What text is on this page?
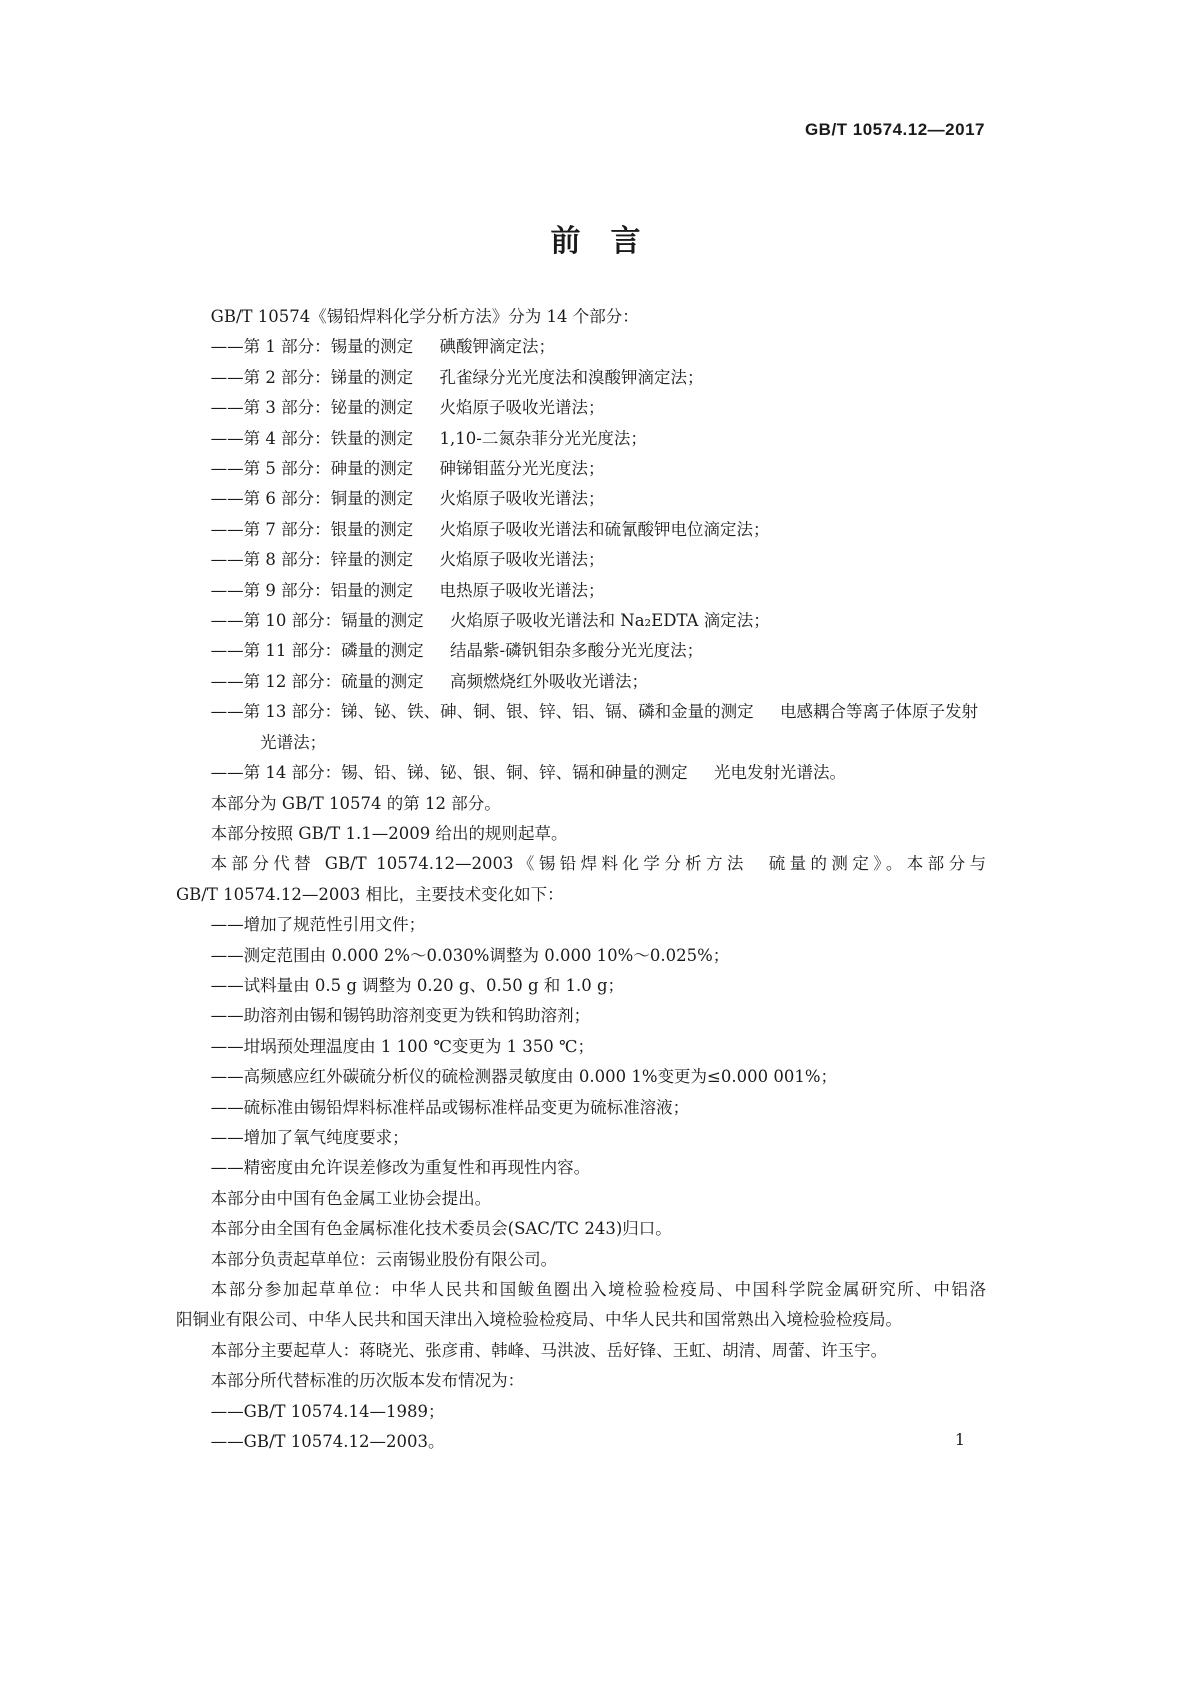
GB/T 10574.12—2017
前言

GB/T 10574《锡铅焊料化学分析方法》分为 14 个部分：

——第 1 部分：锡量的测定 碘酸钾滴定法；

——第 2 部分：锑量的测定 孔雀绿分光光度法和溴酸钾滴定法；

——第 3 部分：铋量的测定 火焰原子吸收光谱法；

——第 4 部分：铁量的测定 1,10-二氮杂菲分光光度法；

——第 5 部分：砷量的测定 砷锑钼蓝分光光度法；

——第 6 部分：铜量的测定 火焰原子吸收光谱法；

——第 7 部分：银量的测定 火焰原子吸收光谱法和硫氰酸钾电位滴定法；

——第 8 部分：锌量的测定 火焰原子吸收光谱法；

——第 9 部分：铝量的测定 电热原子吸收光谱法；

——第 10 部分：镉量的测定 火焰原子吸收光谱法和 Na₂EDTA 滴定法；

——第 11 部分：磷量的测定 结晶紫-磷钒钼杂多酸分光光度法；

——第 12 部分：硫量的测定 高频燃烧红外吸收光谱法；

——第 13 部分：锑、铋、铁、砷、铜、银、锌、铝、镉、磷和金量的测定 电感耦合等离子体原子发射光谱法；

——第 14 部分：锡、铅、锑、铋、银、铜、锌、镉和砷量的测定 光电发射光谱法。

本部分为 GB/T 10574 的第 12 部分。

本部分按照 GB/T 1.1—2009 给出的规则起草。

本部分代替 GB/T 10574.12—2003《锡铅焊料化学分析方法　硫量的测定》。本部分与

GB/T 10574.12—2003 相比，主要技术变化如下：

——增加了规范性引用文件；

——测定范围由 0.000 2%～0.030%调整为 0.000 10%～0.025%；

——试料量由 0.5 g 调整为 0.20 g、0.50 g 和 1.0 g；

——助溶剂由锡和锡钨助溶剂变更为铁和钨助溶剂；

——坩埚预处理温度由 1 100 ℃变更为 1 350 ℃；

——高频感应红外碳硫分析仪的硫检测器灵敏度由 0.000 1%变更为≤0.000 001%；

——硫标准由锡铅焊料标准样品或锡标准样品变更为硫标准溶液；

——增加了氧气纯度要求；

——精密度由允许误差修改为重复性和再现性内容。

本部分由中国有色金属工业协会提出。

本部分由全国有色金属标准化技术委员会(SAC/TC 243)归口。

本部分负责起草单位：云南锡业股份有限公司。

本部分参加起草单位：中华人民共和国鲅鱼圈出入境检验检疫局、中国科学院金属研究所、中铝洛

阳铜业有限公司、中华人民共和国天津出入境检验检疫局、中华人民共和国常熟出入境检验检疫局。

本部分主要起草人：蒋晓光、张彦甫、韩峰、马洪波、岳好锋、王虹、胡清、周蕾、许玉宇。

本部分所代替标准的历次版本发布情况为：

——GB/T 10574.14—1989；

——GB/T 10574.12—2003。	1
